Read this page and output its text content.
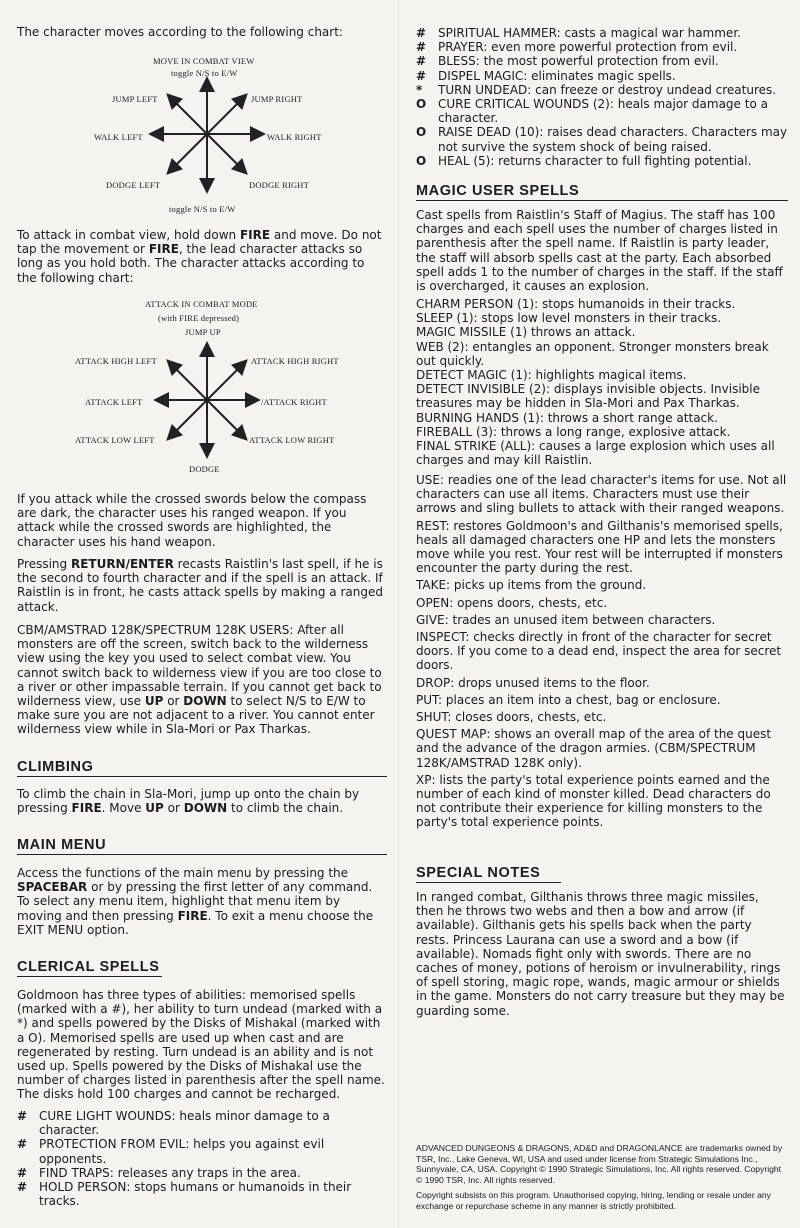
The character moves according to the following chart:

MOVE IN COMBAT VIEW
toggle N/S to E/W
JUMP LEFT	JUMP RIGHT
WALK LEFT	WALK RIGHT
DODGE LEFT	DODGE RIGHT
toggle N/S to E/W

To attack in combat view, hold down FIRE and move. Do not tap the movement or FIRE, the lead character attacks so long as you hold both. The character attacks according to the following chart:

ATTACK IN COMBAT MODE
(with FIRE depressed)
JUMP UP
ATTACK HIGH LEFT	ATTACK HIGH RIGHT
ATTACK LEFT	/ATTACK RIGHT
ATTACK LOW LEFT	ATTACK LOW RIGHT
DODGE

If you attack while the crossed swords below the compass are dark, the character uses his ranged weapon. If you attack while the crossed swords are highlighted, the character uses his hand weapon.

Pressing RETURN/ENTER recasts Raistlin's last spell, if he is the second to fourth character and if the spell is an attack. If Raistlin is in front, he casts attack spells by making a ranged attack.

CBM/AMSTRAD 128K/SPECTRUM 128K USERS: After all monsters are off the screen, switch back to the wilderness view using the key you used to select combat view. You cannot switch back to wilderness view if you are too close to a river or other impassable terrain. If you cannot get back to wilderness view, use UP or DOWN to select N/S to E/W to make sure you are not adjacent to a river. You cannot enter wilderness view while in Sla-Mori or Pax Tharkas.

CLIMBING

To climb the chain in Sla-Mori, jump up onto the chain by pressing FIRE. Move UP or DOWN to climb the chain.

MAIN MENU

Access the functions of the main menu by pressing the SPACEBAR or by pressing the first letter of any command. To select any menu item, highlight that menu item by moving and then pressing FIRE. To exit a menu choose the EXIT MENU option.

CLERICAL SPELLS

Goldmoon has three types of abilities: memorised spells (marked with a #), her ability to turn undead (marked with a *) and spells powered by the Disks of Mishakal (marked with a O). Memorised spells are used up when cast and are regenerated by resting. Turn undead is an ability and is not used up. Spells powered by the Disks of Mishakal use the number of charges listed in parenthesis after the spell name. The disks hold 100 charges and cannot be recharged.

# CURE LIGHT WOUNDS: heals minor damage to a character.
# PROTECTION FROM EVIL: helps you against evil opponents.
# FIND TRAPS: releases any traps in the area.
# HOLD PERSON: stops humans or humanoids in their tracks.
# SPIRITUAL HAMMER: casts a magical war hammer.
# PRAYER: even more powerful protection from evil.
# BLESS: the most powerful protection from evil.
# DISPEL MAGIC: eliminates magic spells.
*	TURN UNDEAD: can freeze or destroy undead creatures.
O CURE CRITICAL WOUNDS (2): heals major damage to a character.
O RAISE DEAD (10): raises dead characters. Characters may not survive the system shock of being raised.
O HEAL (5): returns character to full fighting potential.
MAGIC USER SPELLS

Cast spells from Raistlin's Staff of Magius. The staff has 100 charges and each spell uses the number of charges listed in parenthesis after the spell name. If Raistlin is party leader, the staff will absorb spells cast at the party. Each absorbed spell adds 1 to the number of charges in the staff. If the staff is overcharged, it causes an explosion.

CHARM PERSON (1): stops humanoids in their tracks.

SLEEP (1): stops low level monsters in their tracks.

MAGIC MISSILE (1) throws an attack.

WEB (2): entangles an opponent. Stronger monsters break out quickly.

DETECT MAGIC (1): highlights magical items.

DETECT INVISIBLE (2): displays invisible objects. Invisible treasures may be hidden in Sla-Mori and Pax Tharkas.

BURNING HANDS (1): throws a short range attack.

FIREBALL (3): throws a long range, explosive attack.

FINAL STRIKE (ALL): causes a large explosion which uses all charges and may kill Raistlin.

USE: readies one of the lead character's items for use. Not all characters can use all items. Characters must use their arrows and sling bullets to attack with their ranged weapons.

REST: restores Goldmoon's and Gilthanis's memorised spells, heals all damaged characters one HP and lets the monsters move while you rest. Your rest will be interrupted if monsters encounter the party during the rest.

TAKE: picks up items from the ground.

OPEN: opens doors, chests, etc.

GIVE: trades an unused item between characters.

INSPECT: checks directly in front of the character for secret doors. If you come to a dead end, inspect the area for secret doors.

DROP: drops unused items to the floor.

PUT: places an item into a chest, bag or enclosure.

SHUT: closes doors, chests, etc.

QUEST MAP: shows an overall map of the area of the quest and the advance of the dragon armies. (CBM/SPECTRUM 128K/AMSTRAD 128K only).

XP: lists the party's total experience points earned and the number of each kind of monster killed. Dead characters do not contribute their experience for killing monsters to the party's total experience points.

SPECIAL NOTES

In ranged combat, Gilthanis throws three magic missiles, then he throws two webs and then a bow and arrow (if available). Gilthanis gets his spells back when the party rests. Princess Laurana can use a sword and a bow (if available). Nomads fight only with swords. There are no caches of money, potions of heroism or invulnerability, rings of spell storing, magic rope, wands, magic armour or shields in the game. Monsters do not carry treasure but they may be guarding some.

ADVANCED DUNGEONS & DRAGONS, AD&D and DRAGONLANCE are trademarks owned by TSR, Inc., Lake Geneva, WI, USA and used under license from Strategic Simulations Inc., Sunnyvale, CA, USA. Copyright © 1990 Strategic Simulations, Inc. All rights reserved. Copyright © 1990 TSR, Inc. All rights reserved.

Copyright subsists on this program. Unauthorised copying, hiring, lending or resale under any exchange or repurchase scheme in any manner is strictly prohibited.
